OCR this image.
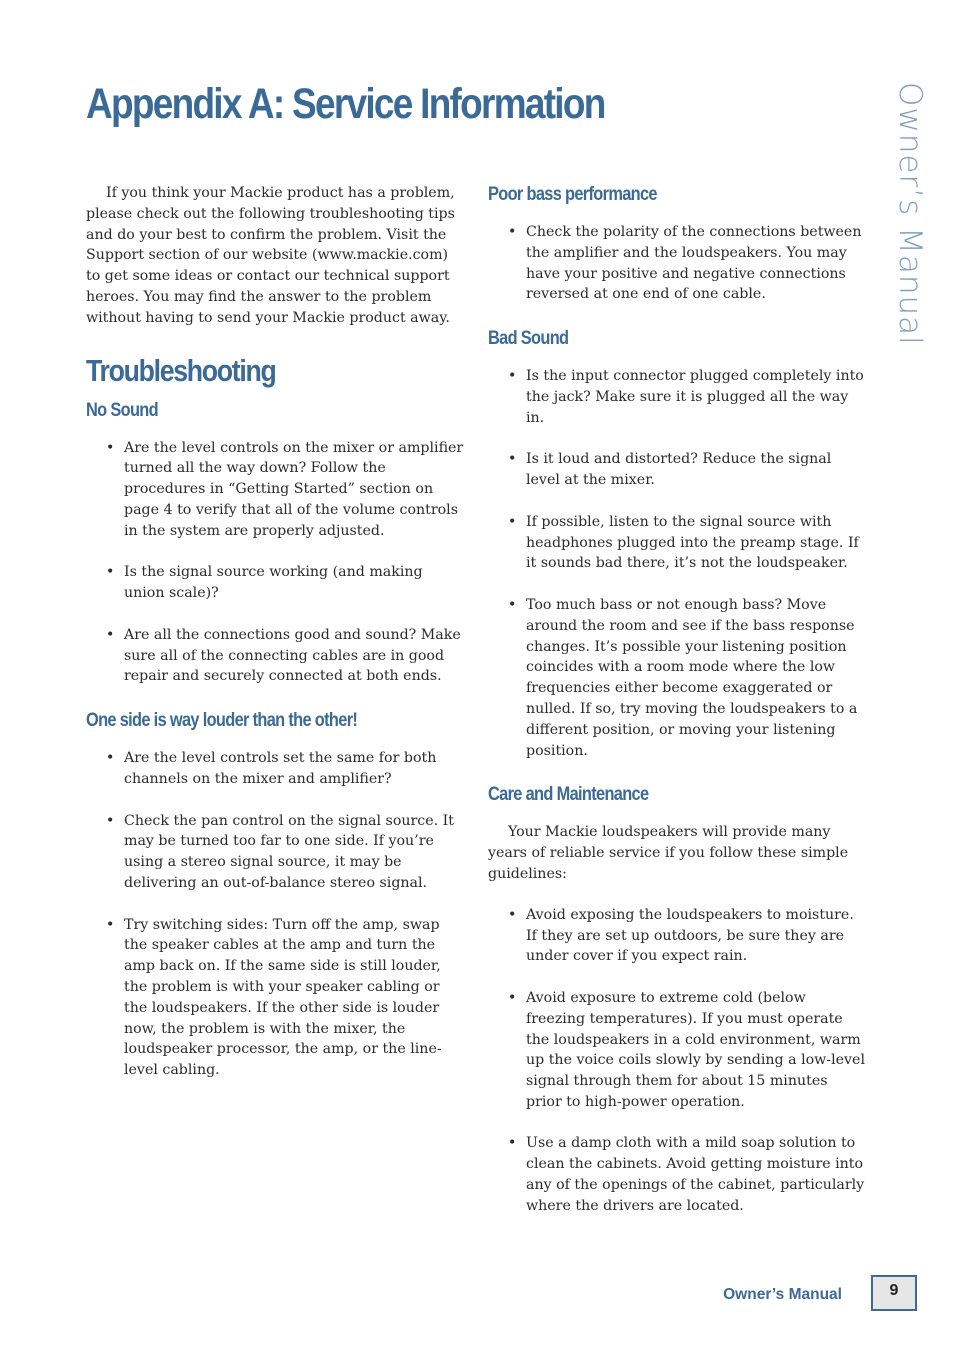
Appendix A: Service Information	Owner’s Manual

If you think your Mackie product has a problem, please check out the following troubleshooting tips and do your best to confirm the problem. Visit the Support section of our website (www.mackie.com) to get some ideas or contact our technical support heroes. You may find the answer to the problem without having to send your Mackie product away.

Troubleshooting
No Sound
• Are the level controls on the mixer or amplifier turned all the way down? Follow the procedures in “Getting Started” section on page 4 to verify that all of the volume controls in the system are properly adjusted.
• Is the signal source working (and making union scale)?
• Are all the connections good and sound? Make sure all of the connecting cables are in good repair and securely connected at both ends.
One side is way louder than the other!
• Are the level controls set the same for both channels on the mixer and amplifier?
• Check the pan control on the signal source. It may be turned too far to one side. If you’re using a stereo signal source, it may be delivering an out-of-balance stereo signal.
• Try switching sides: Turn off the amp, swap the speaker cables at the amp and turn the amp back on. If the same side is still louder, the problem is with your speaker cabling or the loudspeakers. If the other side is louder now, the problem is with the mixer, the loudspeaker processor, the amp, or the line-level cabling.
Poor bass performance
• Check the polarity of the connections between the amplifier and the loudspeakers. You may have your positive and negative connections reversed at one end of one cable.
Bad Sound
• Is the input connector plugged completely into the jack? Make sure it is plugged all the way in.
• Is it loud and distorted? Reduce the signal level at the mixer.
• If possible, listen to the signal source with headphones plugged into the preamp stage. If it sounds bad there, it’s not the loudspeaker.
• Too much bass or not enough bass? Move around the room and see if the bass response changes. It’s possible your listening position coincides with a room mode where the low frequencies either become exaggerated or nulled. If so, try moving the loudspeakers to a different position, or moving your listening position.
Care and Maintenance

Your Mackie loudspeakers will provide many years of reliable service if you follow these simple guidelines:

• Avoid exposing the loudspeakers to moisture. If they are set up outdoors, be sure they are under cover if you expect rain.
• Avoid exposure to extreme cold (below freezing temperatures). If you must operate the loudspeakers in a cold environment, warm up the voice coils slowly by sending a low-level signal through them for about 15 minutes prior to high-power operation.
• Use a damp cloth with a mild soap solution to clean the cabinets. Avoid getting moisture into any of the openings of the cabinet, particularly where the drivers are located.
Owner’s Manual	9
